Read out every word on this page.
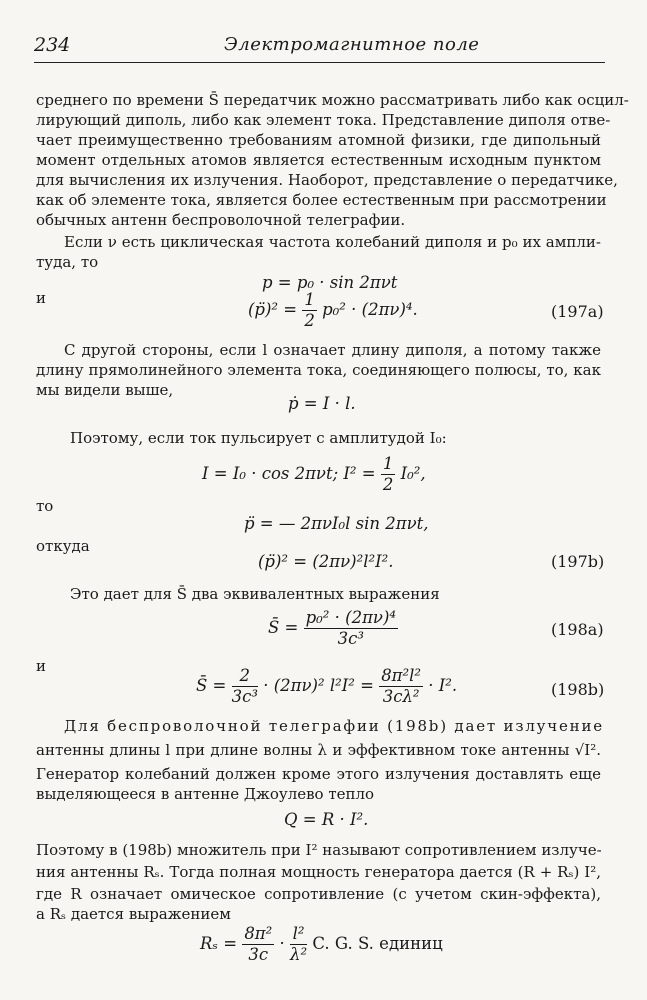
234	Электромагнитное поле
среднего по времени S̄ передатчик можно рассматривать либо как осцил-
лирующий диполь, либо как элемент тока. Представление диполя отве-
чает преимущественно требованиям атомной физики, где дипольный
момент отдельных атомов является естественным исходным пунктом
для вычисления их излучения. Наоборот, представление о передатчике,
как об элементе тока, является более естественным при рассмотрении
обычных антенн беспроволочной телеграфии.
Если ν есть циклическая частота колебаний диполя и p₀ их ампли-
туда, то
p = p₀ · sin 2πνt
и
(p̈)² = $\frac{1}{2} p_0^2 \cdot (2\pi\nu)^4$.	(197a)
С другой стороны, если l означает длину диполя, а потому также
длину прямолинейного элемента тока, соединяющего полюсы, то, как
мы видели выше,
ṗ = I · l.
Поэтому, если ток пульсирует с амплитудой I₀:
I = I₀ · cos 2πνt; $I^2 = \frac{1}{2} I_0^2$,
то
p̈ = — 2πνI₀l sin 2πνt,
откуда
(p̈)² = (2πν)²l²I².	(197b)
Это дает для S̄ два эквивалентных выражения
S̄ = $\frac{\text{p₀² · (2πν)⁴}}{\text{3c³}}$	(198a)
и
S̄ = $\frac{2}{\text{3c³}} \cdot (2\pi\nu)^2$ $l^2I^2 = \frac{\text{8π²l²}}{\text{3cλ²}} \cdot I^2$.	(198b)
Для беспроволочной телеграфии (198b) дает излучение
антенны длины l при длине волны λ и эффективном токе антенны √I².
Генератор колебаний должен кроме этого излучения доставлять еще
выделяющееся в антенне Джоулево тепло
Q = R · I².
Поэтому в (198b) множитель при I² называют сопротивлением излуче-
ния антенны Rₛ. Тогда полная мощность генератора дается (R + Rₛ) I²,
где R означает омическое сопротивление (с учетом скин-эффекта),
а Rₛ дается выражением
$R_s = \frac{\text{8π²}}{3c} \cdot \frac{\text{l²}}{\text{λ²}} C$. G. S. единиц
